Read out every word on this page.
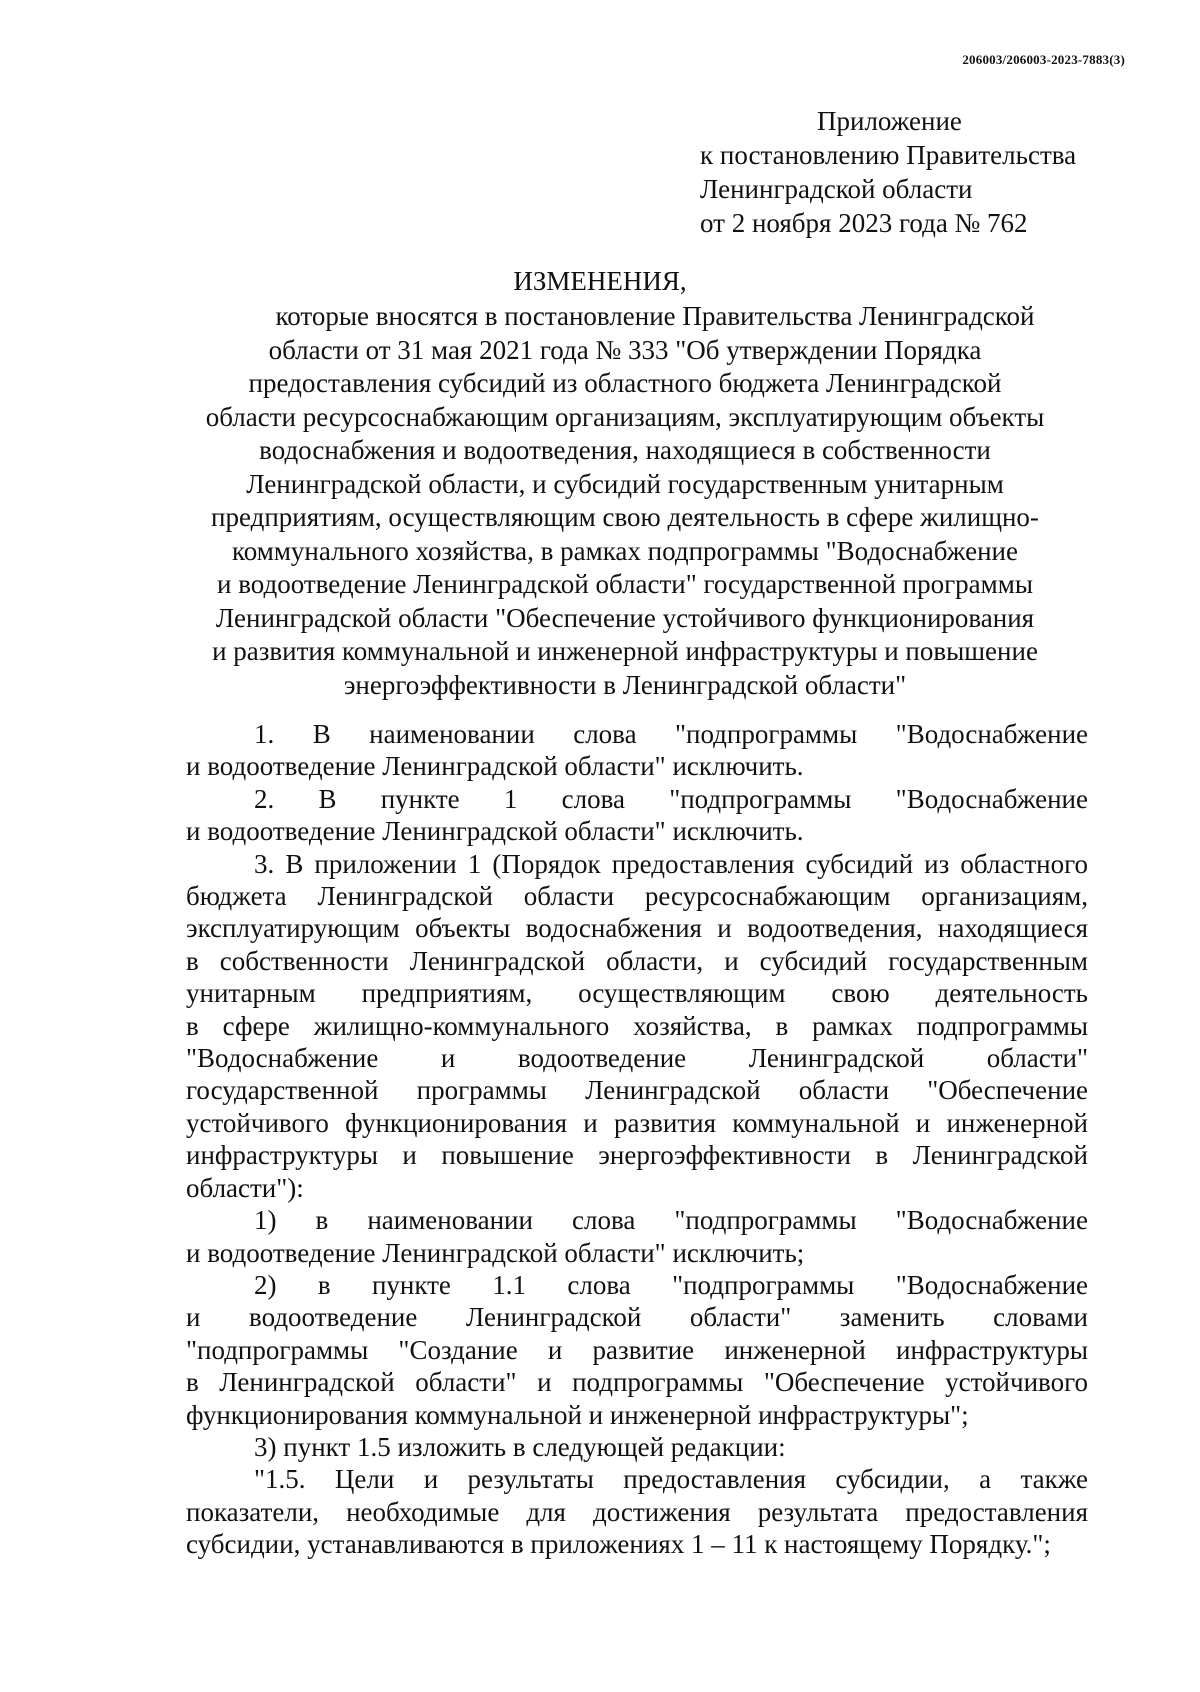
206003/206003-2023-7883(3)
Приложение
к постановлению Правительства
Ленинградской области
от 2 ноября 2023 года № 762
ИЗМЕНЕНИЯ,
которые вносятся в постановление Правительства Ленинградской
области от 31 мая 2021 года № 333 "Об утверждении Порядка
предоставления субсидий из областного бюджета Ленинградской
области ресурсоснабжающим организациям, эксплуатирующим объекты
водоснабжения и водоотведения, находящиеся в собственности
Ленинградской области, и субсидий государственным унитарным
предприятиям, осуществляющим свою деятельность в сфере жилищно-
коммунального хозяйства, в рамках подпрограммы "Водоснабжение
и водоотведение Ленинградской области" государственной программы
Ленинградской области "Обеспечение устойчивого функционирования
и развития коммунальной и инженерной инфраструктуры и повышение
энергоэффективности в Ленинградской области"
1. В наименовании слова "подпрограммы "Водоснабжение
и водоотведение Ленинградской области" исключить.
2. В пункте 1 слова "подпрограммы "Водоснабжение
и водоотведение Ленинградской области" исключить.
3. В приложении 1 (Порядок предоставления субсидий из областного
бюджета Ленинградской области ресурсоснабжающим организациям,
эксплуатирующим объекты водоснабжения и водоотведения, находящиеся
в собственности Ленинградской области, и субсидий государственным
унитарным предприятиям, осуществляющим свою деятельность
в сфере жилищно-коммунального хозяйства, в рамках подпрограммы
"Водоснабжение и водоотведение Ленинградской области"
государственной программы Ленинградской области "Обеспечение
устойчивого функционирования и развития коммунальной и инженерной
инфраструктуры и повышение энергоэффективности в Ленинградской
области"):
1) в наименовании слова "подпрограммы "Водоснабжение
и водоотведение Ленинградской области" исключить;
2) в пункте 1.1 слова "подпрограммы "Водоснабжение
и водоотведение Ленинградской области" заменить словами
"подпрограммы "Создание и развитие инженерной инфраструктуры
в Ленинградской области" и подпрограммы "Обеспечение устойчивого
функционирования коммунальной и инженерной инфраструктуры";
3) пункт 1.5 изложить в следующей редакции:
"1.5. Цели и результаты предоставления субсидии, а также
показатели, необходимые для достижения результата предоставления
субсидии, устанавливаются в приложениях 1 – 11 к настоящему Порядку.";
